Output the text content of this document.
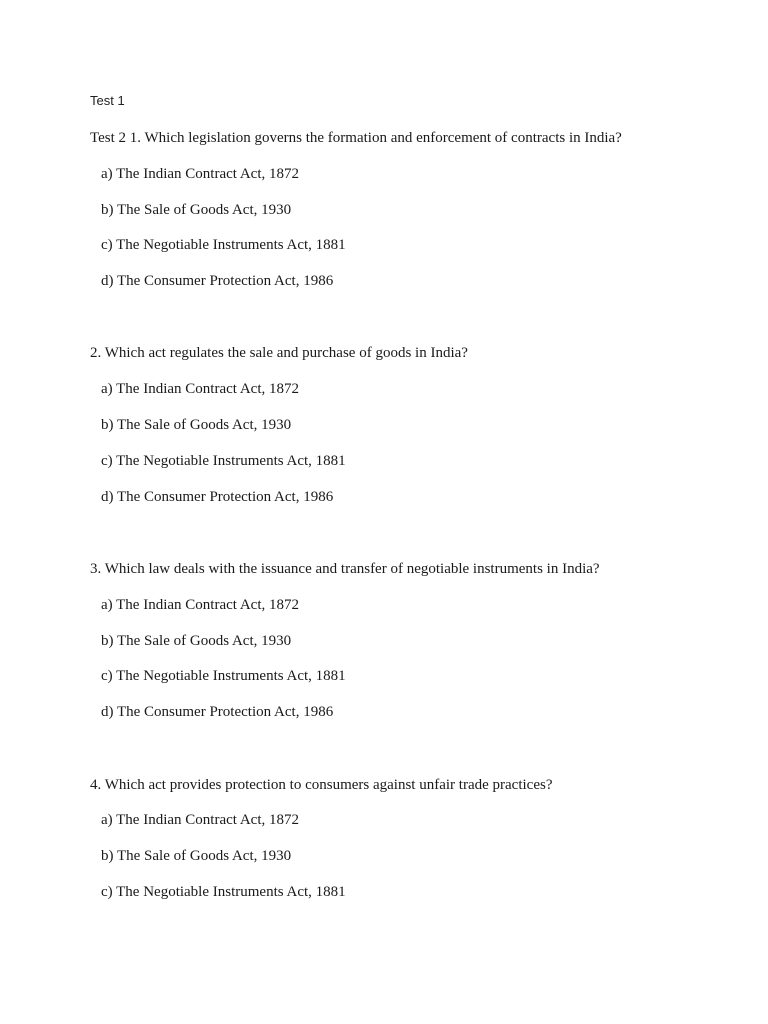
Test 1
Test 2 1. Which legislation governs the formation and enforcement of contracts in India?
a) The Indian Contract Act, 1872
b) The Sale of Goods Act, 1930
c) The Negotiable Instruments Act, 1881
d) The Consumer Protection Act, 1986
2. Which act regulates the sale and purchase of goods in India?
a) The Indian Contract Act, 1872
b) The Sale of Goods Act, 1930
c) The Negotiable Instruments Act, 1881
d) The Consumer Protection Act, 1986
3. Which law deals with the issuance and transfer of negotiable instruments in India?
a) The Indian Contract Act, 1872
b) The Sale of Goods Act, 1930
c) The Negotiable Instruments Act, 1881
d) The Consumer Protection Act, 1986
4. Which act provides protection to consumers against unfair trade practices?
a) The Indian Contract Act, 1872
b) The Sale of Goods Act, 1930
c) The Negotiable Instruments Act, 1881
